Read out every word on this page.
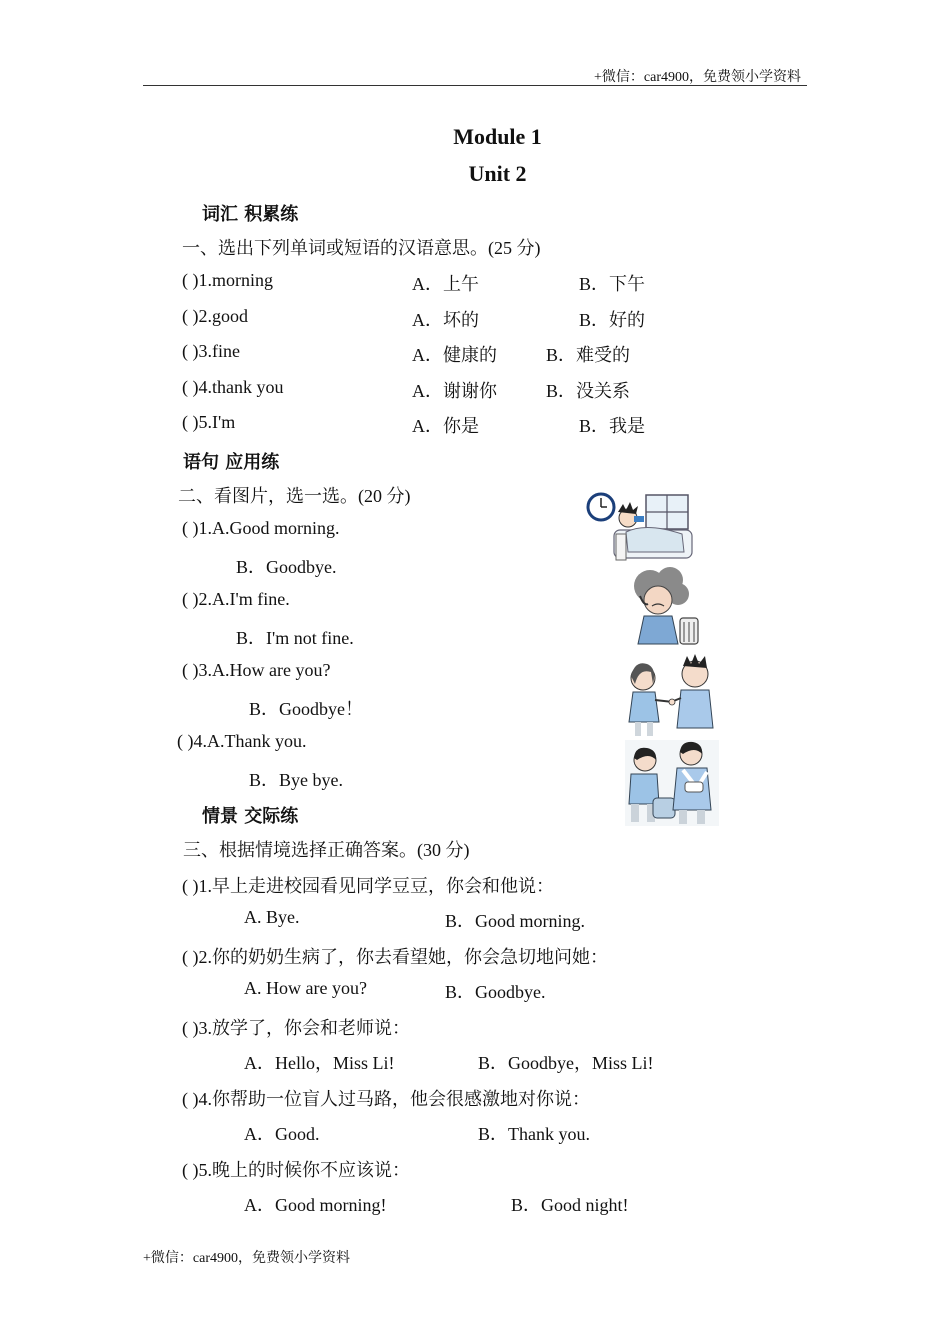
+微信：car4900，免费领小学资料
Module 1
Unit 2
词汇 积累练
一、选出下列单词或短语的汉语意思。(25 分)
( )1.morning	A．上午	B．下午
( )2.good	A．坏的	B．好的
( )3.fine	A．健康的	B．难受的
( )4.thank you	A．谢谢你	B．没关系
( )5.I'm	A．你是	B．我是
语句 应用练
二、看图片，选一选。(20 分)
( )1.A.Good morning.
B．Goodbye.
( )2.A.I'm fine.
B．I'm not fine.
( )3.A.How are you?
B．Goodbye！
( )4.A.Thank you.
B．Bye bye.
情景 交际练
三、根据情境选择正确答案。(30 分)
( )1.早上走进校园看见同学豆豆，你会和他说：
A. Bye.	B．Good morning.
( )2.你的奶奶生病了，你去看望她，你会急切地问她：
A. How are you?	B．Goodbye.
( )3.放学了，你会和老师说：
A．Hello，Miss Li!	B．Goodbye，Miss Li!
( )4.你帮助一位盲人过马路，他会很感激地对你说：
A．Good.	B．Thank you.
( )5.晚上的时候你不应该说：
A．Good morning!	B．Good night!
+微信：car4900，免费领小学资料
